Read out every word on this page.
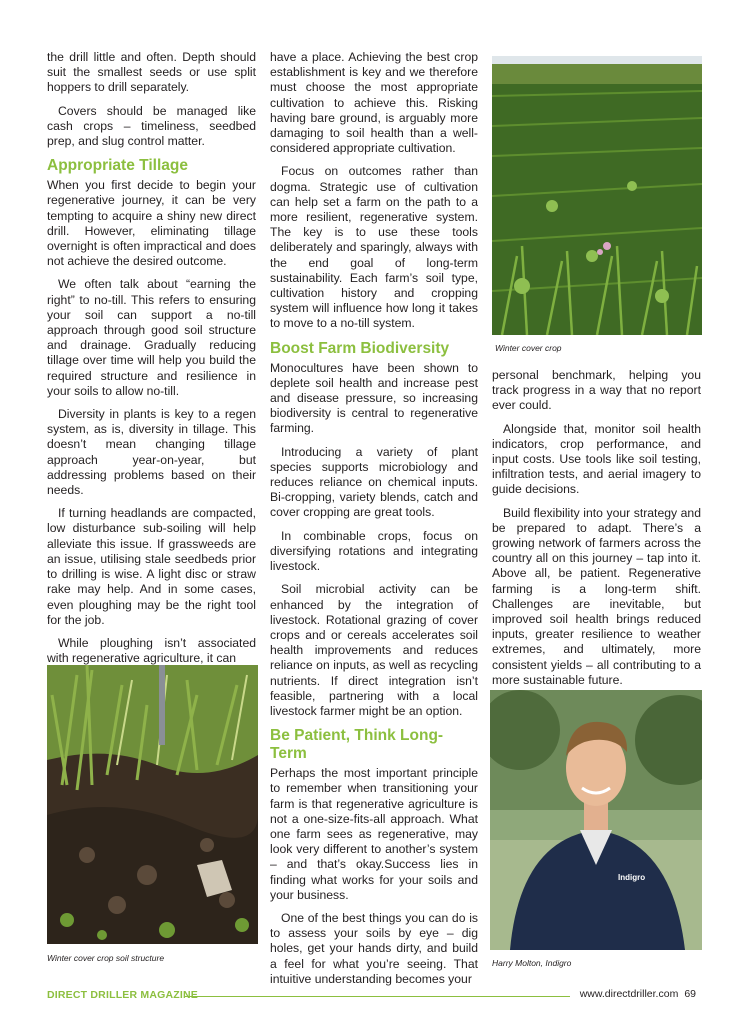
the drill little and often. Depth should suit the smallest seeds or use split hoppers to drill separately.

Covers should be managed like cash crops – timeliness, seedbed prep, and slug control matter.

Appropriate Tillage

When you first decide to begin your regenerative journey, it can be very tempting to acquire a shiny new direct drill. However, eliminating tillage overnight is often impractical and does not achieve the desired outcome.

We often talk about “earning the right” to no-till. This refers to ensuring your soil can support a no-till approach through good soil structure and drainage. Gradually reducing tillage over time will help you build the required structure and resilience in your soils to allow no-till.

Diversity in plants is key to a regen system, as is, diversity in tillage. This doesn’t mean changing tillage approach year-on-year, but addressing problems based on their needs.

If turning headlands are compacted, low disturbance sub-soiling will help alleviate this issue. If grassweeds are an issue, utilising stale seedbeds prior to drilling is wise. A light disc or straw rake may help. And in some cases, even ploughing may be the right tool for the job.

While ploughing isn’t associated with regenerative agriculture, it can

Winter cover crop soil structure

have a place. Achieving the best crop establishment is key and we therefore must choose the most appropriate cultivation to achieve this. Risking having bare ground, is arguably more damaging to soil health than a well-considered appropriate cultivation.

Focus on outcomes rather than dogma. Strategic use of cultivation can help set a farm on the path to a more resilient, regenerative system. The key is to use these tools deliberately and sparingly, always with the end goal of long-term sustainability. Each farm’s soil type, cultivation history and cropping system will influence how long it takes to move to a no-till system.

Boost Farm Biodiversity

Monocultures have been shown to deplete soil health and increase pest and disease pressure, so increasing biodiversity is central to regenerative farming.

Introducing a variety of plant species supports microbiology and reduces reliance on chemical inputs. Bi-cropping, variety blends, catch and cover cropping are great tools.

In combinable crops, focus on diversifying rotations and integrating livestock.

Soil microbial activity can be enhanced by the integration of livestock. Rotational grazing of cover crops and or cereals accelerates soil health improvements and reduces reliance on inputs, as well as recycling nutrients. If direct integration isn’t feasible, partnering with a local livestock farmer might be an option.

Be Patient, Think Long-Term

Perhaps the most important principle to remember when transitioning your farm is that regenerative agriculture is not a one-size-fits-all approach. What one farm sees as regenerative, may look very different to another’s system – and that’s okay.Success lies in finding what works for your soils and your business.

One of the best things you can do is to assess your soils by eye – dig holes, get your hands dirty, and build a feel for what you’re seeing. That intuitive understanding becomes your

Winter cover crop

personal benchmark, helping you track progress in a way that no report ever could.

Alongside that, monitor soil health indicators, crop performance, and input costs. Use tools like soil testing, infiltration tests, and aerial imagery to guide decisions.

Build flexibility into your strategy and be prepared to adapt. There’s a growing network of farmers across the country all on this journey – tap into it. Above all, be patient. Regenerative farming is a long-term shift. Challenges are inevitable, but improved soil health brings reduced inputs, greater resilience to weather extremes, and ultimately, more consistent yields – all contributing to a more sustainable future.

Indigro
Harry Molton, Indigro
DIRECT DRILLER MAGAZINE	www.directdriller.com 69
